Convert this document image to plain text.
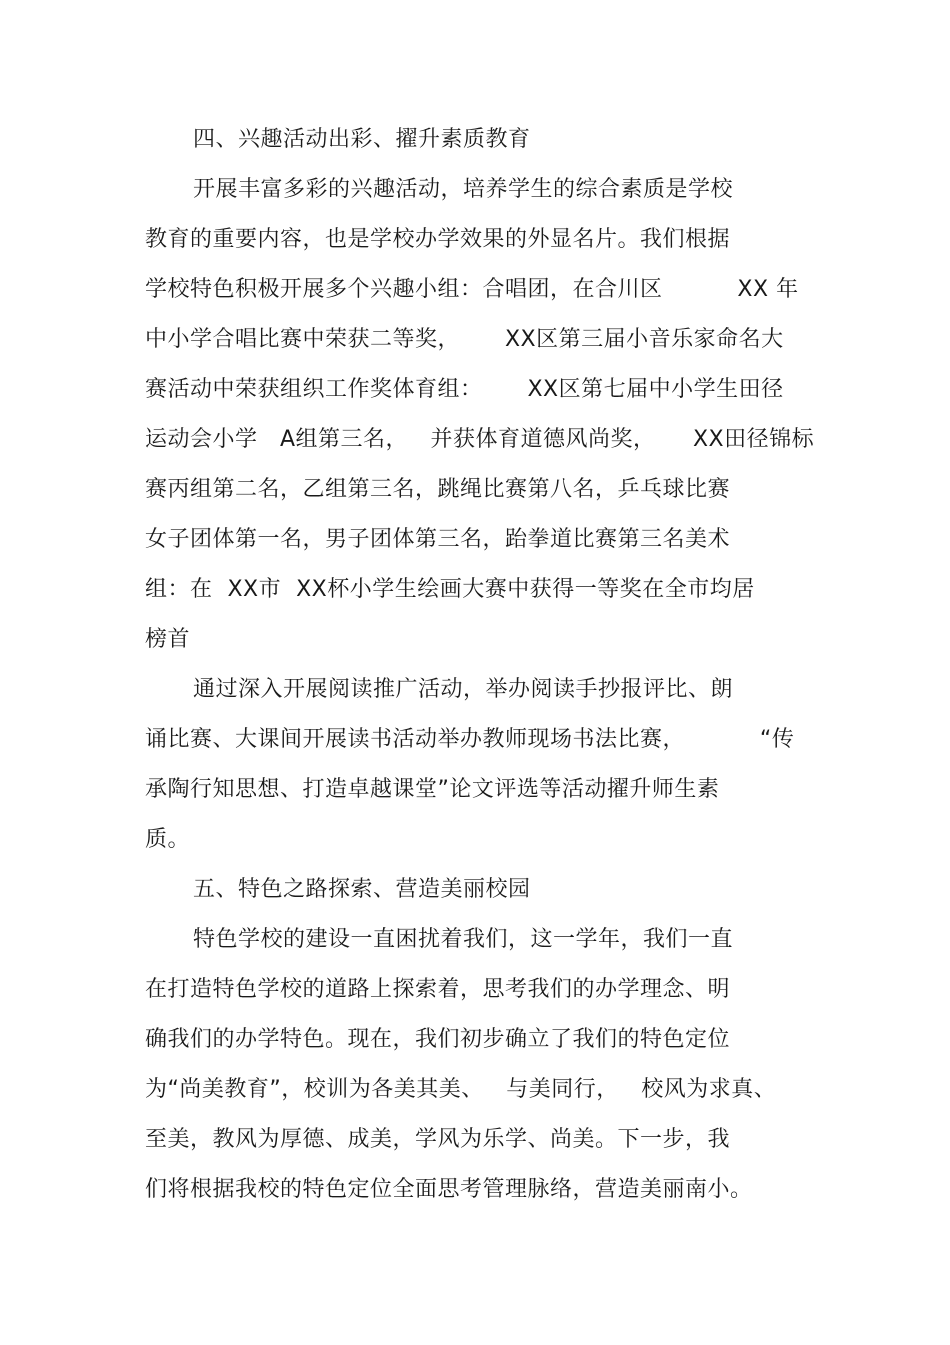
四、兴趣活动出彩、擢升素质教育
开展丰富多彩的兴趣活动，培养学生的综合素质是学校
教育的重要内容，也是学校办学效果的外显名片。我们根据
学校特色积极开展多个兴趣小组：合唱团，在合川区          XX 年
中小学合唱比赛中荣获二等奖，      XX区第三届小音乐家命名大
赛活动中荣获组织工作奖体育组：      XX区第七届中小学生田径
运动会小学   A组第三名，   并获体育道德风尚奖，     XX田径锦标
赛丙组第二名，乙组第三名，跳绳比赛第八名，乒乓球比赛
女子团体第一名，男子团体第三名，跆拳道比赛第三名美术
组：在  XX市  XX杯小学生绘画大赛中获得一等奖在全市均居
榜首
通过深入开展阅读推广活动，举办阅读手抄报评比、朗
诵比赛、大课间开展读书活动举办教师现场书法比赛，          “传
承陶行知思想、打造卓越课堂”论文评选等活动擢升师生素
质。
五、特色之路探索、营造美丽校园
特色学校的建设一直困扰着我们，这一学年，我们一直
在打造特色学校的道路上探索着，思考我们的办学理念、明
确我们的办学特色。现在，我们初步确立了我们的特色定位
为“尚美教育”，校训为各美其美、   与美同行，   校风为求真、
至美，教风为厚德、成美，学风为乐学、尚美。下一步，我
们将根据我校的特色定位全面思考管理脉络，营造美丽南小。
